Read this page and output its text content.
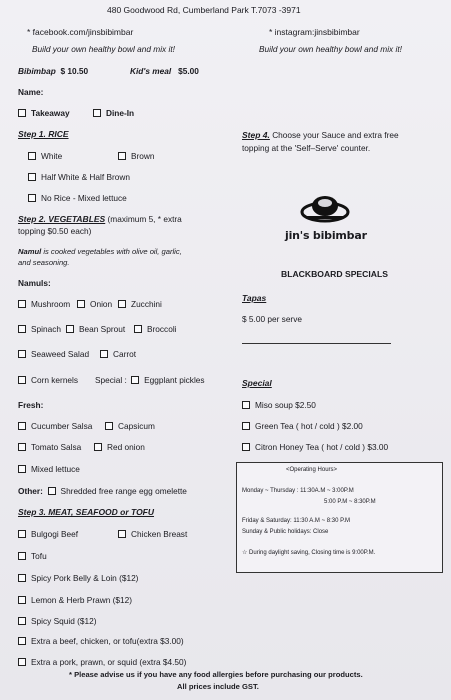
480 Goodwood Rd, Cumberland Park T.7073 -3971
* facebook.com/jinsbibimbar	* instagram:jinsbibimbar
Build your own healthy bowl and mix it!	Build your own healthy bowl and mix it!
Bibimbap $ 10.50	Kid's meal $5.00
Name:
Takeaway	Dine-In
Step 1. RICE
White	Brown
Half White & Half Brown
No Rice - Mixed lettuce
Step 2. VEGETABLES (maximum 5, * extra
topping $0.50 each)
Namul is cooked vegetables with olive oil, garlic,
and seasoning.
Namuls:
Mushroom	Onion	Zucchini
Spinach	Bean Sprout	Broccoli
Seaweed Salad	Carrot
Corn kernels Special : Eggplant pickles
Fresh:
Cucumber Salsa	Capsicum
Tomato Salsa	Red onion
Mixed lettuce
Other: Shredded free range egg omelette
Step 3. MEAT, SEAFOOD or TOFU
Bulgogi Beef	Chicken Breast
Tofu
Spicy Pork Belly & Loin ($12)
Lemon & Herb Prawn ($12)
Spicy Squid ($12)
Extra a beef, chicken, or tofu(extra $3.00)
Extra a pork, prawn, or squid (extra $4.50)
Step 4. Choose your Sauce and extra free
topping at the 'Self–Serve' counter.
jin's bibimbar
BLACKBOARD SPECIALS
Tapas
$ 5.00 per serve
Special
Miso soup $2.50
Green Tea ( hot / cold ) $2.00
Citron Honey Tea ( hot / cold ) $3.00
<Operating Hours>
Monday ~ Thursday : 11:30A.M ~ 3:00P.M
5:00 P.M ~ 8:30P.M
Friday & Saturday: 11:30 A.M ~ 8:30 P.M
Sunday & Public holidays: Close
☆ During daylight saving, Closing time is 9:00P.M.
* Please advise us if you have any food allergies before purchasing our products.
All prices include GST.
